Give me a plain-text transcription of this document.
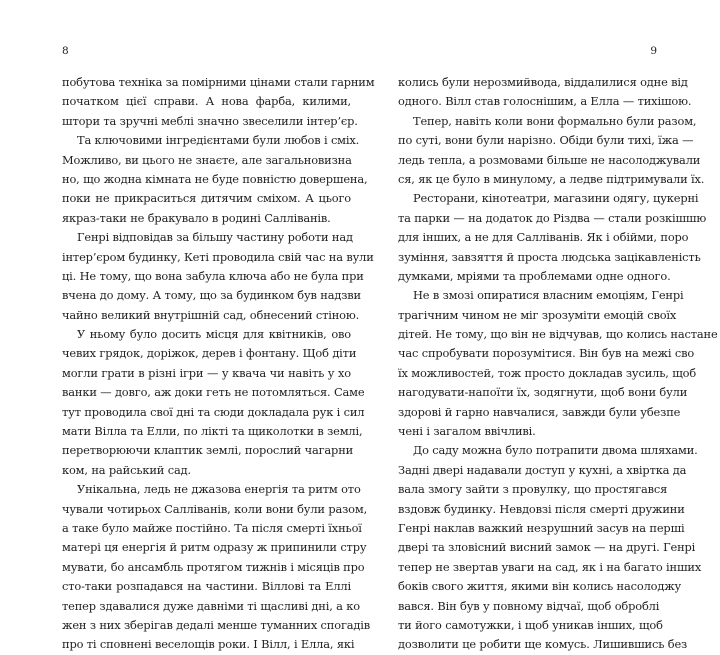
8
побутова техніка за помірними цінами стали гарним
початком цієї справи. А нова фарба, килими,
штори та зручні меблі значно звеселили інтер’єр.
Та ключовими інгредієнтами були любов і сміх.
Можливо, ви цього не знаєте, але загальновизна
но, що жодна кімната не буде повністю довершена,
поки не прикраситься дитячим сміхом. А цього
якраз-таки не бракувало в родині Салліванів.
Генрі відповідав за більшу частину роботи над
інтер’єром будинку, Кеті проводила свій час на вули
ці. Не тому, що вона забула ключа або не була при
вчена до дому. А тому, що за будинком був надзви
чайно великий внутрішній сад, обнесений стіною.
У ньому було досить місця для квітників, ово
чевих грядок, доріжок, дерев і фонтану. Щоб діти
могли грати в різні ігри — у квача чи навіть у хо
ванки — довго, аж доки геть не потомляться. Саме
тут проводила свої дні та сюди докладала рук і сил
мати Вілла та Елли, по лікті та щиколотки в землі,
перетворюючи клаптик землі, порослий чагарни
ком, на райський сад.
Унікальна, ледь не джазова енергія та ритм ото
чували чотирьох Салліванів, коли вони були разом,
а таке було майже постійно. Та після смерті їхньої
матері ця енергія й ритм одразу ж припинили стру
мувати, бо ансамбль протягом тижнів і місяців про
сто-таки розпадався на частини. Віллові та Еллі
тепер здавалися дуже давніми ті щасливі дні, а ко
жен з них зберігав дедалі менше туманних спогадів
про ті сповнені веселощів роки. І Вілл, і Елла, які
9
колись були нерозмийвода, віддалилися одне від
одного. Вілл став голоснішим, а Елла — тихішою.
Тепер, навіть коли вони формально були разом,
по суті, вони були нарізно. Обіди були тихі, їжа —
ледь тепла, а розмовами більше не насолоджували
ся, як це було в минулому, а ледве підтримували їх.
Ресторани, кінотеатри, магазини одягу, цукерні
та парки — на додаток до Різдва — стали розкішшю
для інших, а не для Салліванів. Як і обійми, поро
зуміння, завзяття й проста людська зацікавленість
думками, мріями та проблемами одне одного.
Не в змозі опиратися власним емоціям, Генрі
трагічним чином не міг зрозуміти емоцій своїх
дітей. Не тому, що він не відчував, що колись настане
час спробувати порозумітися. Він був на межі сво
їх можливостей, тож просто докладав зусиль, щоб
нагодувати-напоїти їх, зодягнути, щоб вони були
здорові й гарно навчалися, завжди були убезпе
чені і загалом ввічливі.
До саду можна було потрапити двома шляхами.
Задні двері надавали доступ у кухні, а хвіртка да
вала змогу зайти з провулку, що простягався
вздовж будинку. Невдовзі після смерті дружини
Генрі наклав важкий незрушний засув на перші
двері та зловісний висний замок — на другі. Генрі
тепер не звертав уваги на сад, як і на багато інших
боків свого життя, якими він колись насолоджу
вався. Він був у повному відчаї, щоб оброблі
ти його самотужки, і щоб уникав інших, щоб
дозволити це робити ще комусь. Лишившись без
